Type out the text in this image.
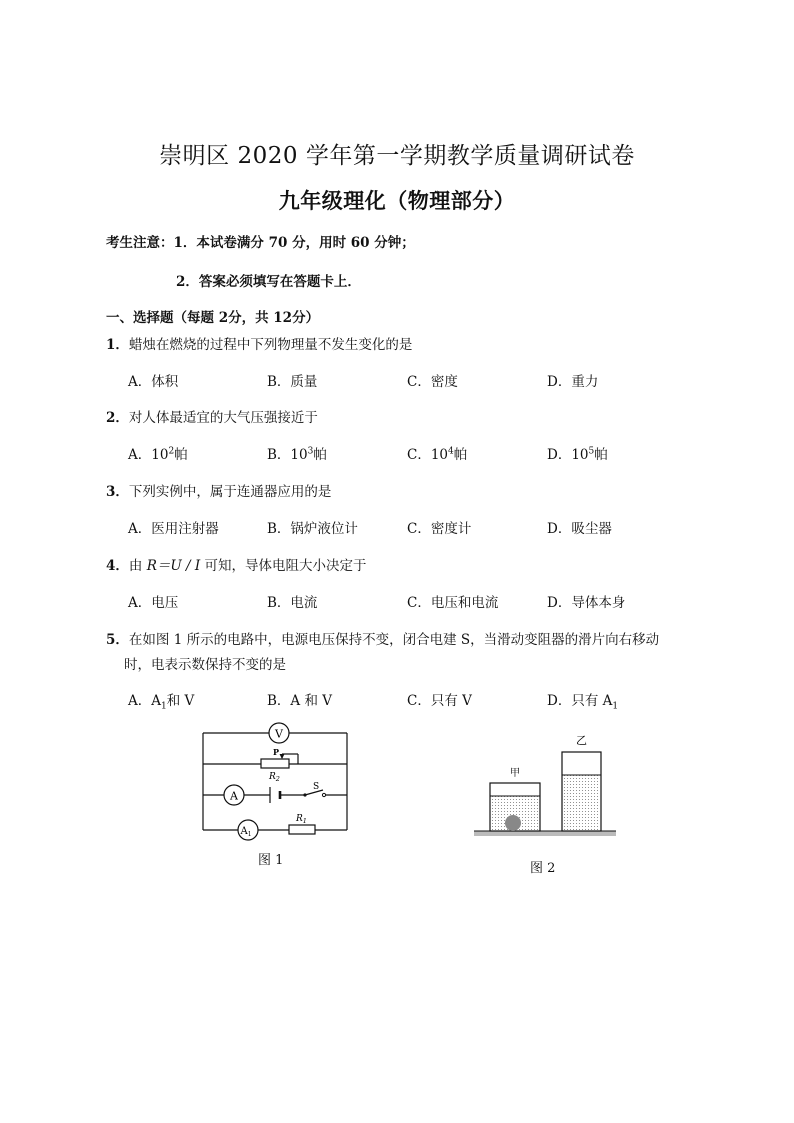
崇明区 2020 学年第一学期教学质量调研试卷
九年级理化（物理部分）
考生注意：1．本试卷满分 70 分，用时 60 分钟；
2．答案必须填写在答题卡上．
一、选择题（每题 2分，共 12分）
1．蜡烛在燃烧的过程中下列物理量不发生变化的是
A．体积	B．质量	C．密度	D．重力
2．对人体最适宜的大气压强接近于
A．$10^2$帕	B．$10^3$帕	C．$10^4$帕	D．$10^5$帕
3．下列实例中，属于连通器应用的是
A．医用注射器	B．锅炉液位计	C．密度计	D．吸尘器
4．由 R＝U / I 可知，导体电阻大小决定于
A．电压	B．电流	C．电压和电流	D．导体本身
5．在如图 1 所示的电路中，电源电压保持不变，闭合电建 S，当滑动变阻器的滑片向右移动
时，电表示数保持不变的是
A．$A_1$和 V	B．A 和 V	C．只有 V	D．只有 $A_1$
V
P
$R_2$
A
S
$A_1$
$R_1$
图 1
甲
乙
图 2
